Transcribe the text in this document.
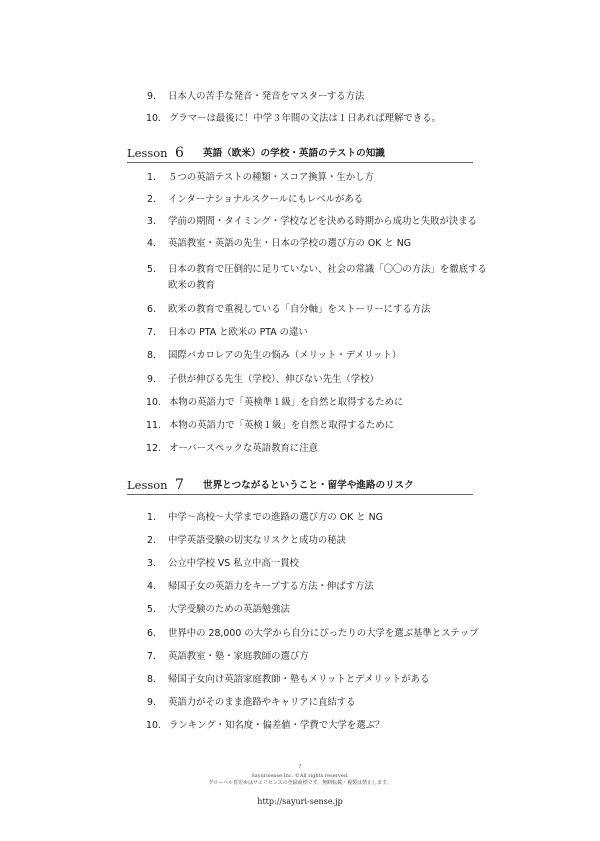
9.	日本人の苦手な発音・発音をマスターする方法
10. グラマーは最後に！中学３年間の文法は１日あれば理解できる。
Lesson 6 英語（欧米）の学校・英語のテストの知識
1.	５つの英語テストの種類・スコア換算・生かし方
2.	インターナショナルスクールにもレベルがある
3.	学前の期間・タイミング・学校などを決める時期から成功と失敗が決まる
4.	英語教室・英語の先生・日本の学校の選び方の OK と NG
5.	日本の教育で圧倒的に足りていない、社会の常識「〇〇の方法」を徹底する
欧米の教育
6.	欧米の教育で重視している「自分軸」をストーリーにする方法
7.	日本の PTA と欧米の PTA の違い
8.	国際バカロレアの先生の悩み（メリット・デメリット）
9.	子供が伸びる先生（学校）、伸びない先生（学校）
10. 本物の英語力で「英検準１級」を自然と取得するために
11. 本物の英語力で「英検１級」を自然と取得するために
12. オーバースペックな英語教育に注意
Lesson 7 世界とつながるということ・留学や進路のリスク
1.	中学〜高校〜大学までの進路の選び方の OK と NG
2.	中学英語受験の切実なリスクと成功の秘訣
3.	公立中学校 VS 私立中高一貫校
4.	帰国子女の英語力をキープする方法・伸ばす方法
5.	大学受験のための英語勉強法
6.	世界中の 28,000 の大学から自分にぴったりの大学を選ぶ基準とステップ
7.	英語教室・塾・家庭教師の選び方
8.	帰国子女向け英語家庭教師・塾もメリットとデメリットがある
9.	英語力がそのまま進路やキャリアに直結する
10. ランキング・知名度・偏差値・学費で大学を選ぶ？
7
Sayurisense Inc. ©All rights reserved.
グローバル育児®はサユリセンスの登録商標です。無断転載・複製は禁止します。
http://sayuri-sense.jp
